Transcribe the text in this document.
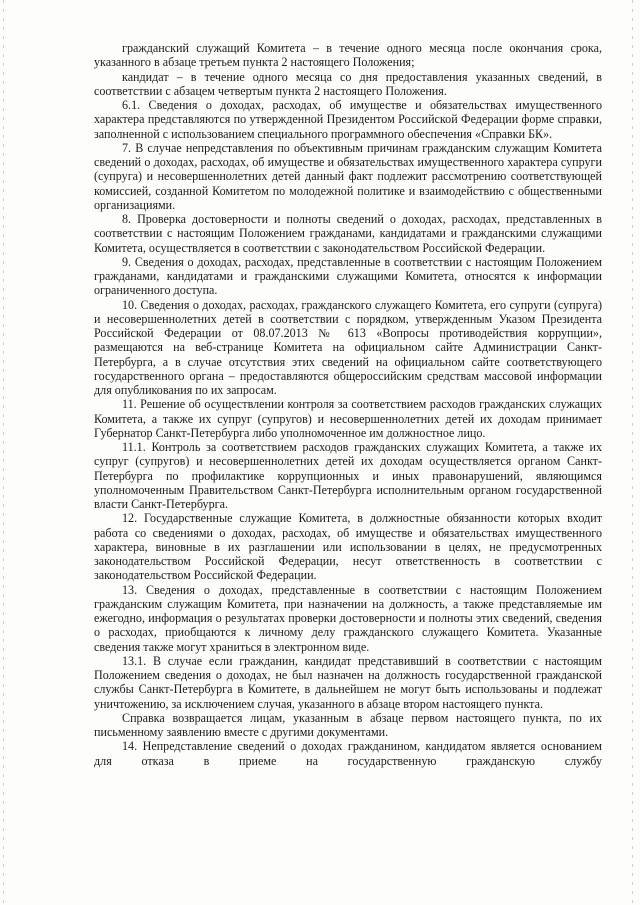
гражданский служащий Комитета – в течение одного месяца после окончания срока, указанного в абзаце третьем пункта 2 настоящего Положения;

кандидат – в течение одного месяца со дня предоставления указанных сведений, в соответствии с абзацем четвертым пункта 2 настоящего Положения.

6.1. Сведения о доходах, расходах, об имуществе и обязательствах имущественного характера представляются по утвержденной Президентом Российской Федерации форме справки, заполненной с использованием специального программного обеспечения «Справки БК».

7. В случае непредставления по объективным причинам гражданским служащим Комитета сведений о доходах, расходах, об имуществе и обязательствах имущественного характера супруги (супруга) и несовершеннолетних детей данный факт подлежит рассмотрению соответствующей комиссией, созданной Комитетом по молодежной политике и взаимодействию с общественными организациями.

8. Проверка достоверности и полноты сведений о доходах, расходах, представленных в соответствии с настоящим Положением гражданами, кандидатами и гражданскими служащими Комитета, осуществляется в соответствии с законодательством Российской Федерации.

9. Сведения о доходах, расходах, представленные в соответствии с настоящим Положением гражданами, кандидатами и гражданскими служащими Комитета, относятся к информации ограниченного доступа.

10. Сведения о доходах, расходах, гражданского служащего Комитета, его супруги (супруга) и несовершеннолетних детей в соответствии с порядком, утвержденным Указом Президента Российской Федерации от 08.07.2013 № 613 «Вопросы противодействия коррупции», размещаются на веб-странице Комитета на официальном сайте Администрации Санкт-Петербурга, а в случае отсутствия этих сведений на официальном сайте соответствующего государственного органа – предоставляются общероссийским средствам массовой информации для опубликования по их запросам.

11. Решение об осуществлении контроля за соответствием расходов гражданских служащих Комитета, а также их супруг (супругов) и несовершеннолетних детей их доходам принимает Губернатор Санкт-Петербурга либо уполномоченное им должностное лицо.

11.1. Контроль за соответствием расходов гражданских служащих Комитета, а также их супруг (супругов) и несовершеннолетних детей их доходам осуществляется органом Санкт-Петербурга по профилактике коррупционных и иных правонарушений, являющимся уполномоченным Правительством Санкт-Петербурга исполнительным органом государственной власти Санкт-Петербурга.

12. Государственные служащие Комитета, в должностные обязанности которых входит работа со сведениями о доходах, расходах, об имуществе и обязательствах имущественного характера, виновные в их разглашении или использовании в целях, не предусмотренных законодательством Российской Федерации, несут ответственность в соответствии с законодательством Российской Федерации.

13. Сведения о доходах, представленные в соответствии с настоящим Положением гражданским служащим Комитета, при назначении на должность, а также представляемые им ежегодно, информация о результатах проверки достоверности и полноты этих сведений, сведения о расходах, приобщаются к личному делу гражданского служащего Комитета. Указанные сведения также могут храниться в электронном виде.

13.1. В случае если гражданин, кандидат представивший в соответствии с настоящим Положением сведения о доходах, не был назначен на должность государственной гражданской службы Санкт-Петербурга в Комитете, в дальнейшем не могут быть использованы и подлежат уничтожению, за исключением случая, указанного в абзаце втором настоящего пункта.

Справка возвращается лицам, указанным в абзаце первом настоящего пункта, по их письменному заявлению вместе с другими документами.

14. Непредставление сведений о доходах гражданином, кандидатом является основанием для отказа в приеме на государственную гражданскую службу
